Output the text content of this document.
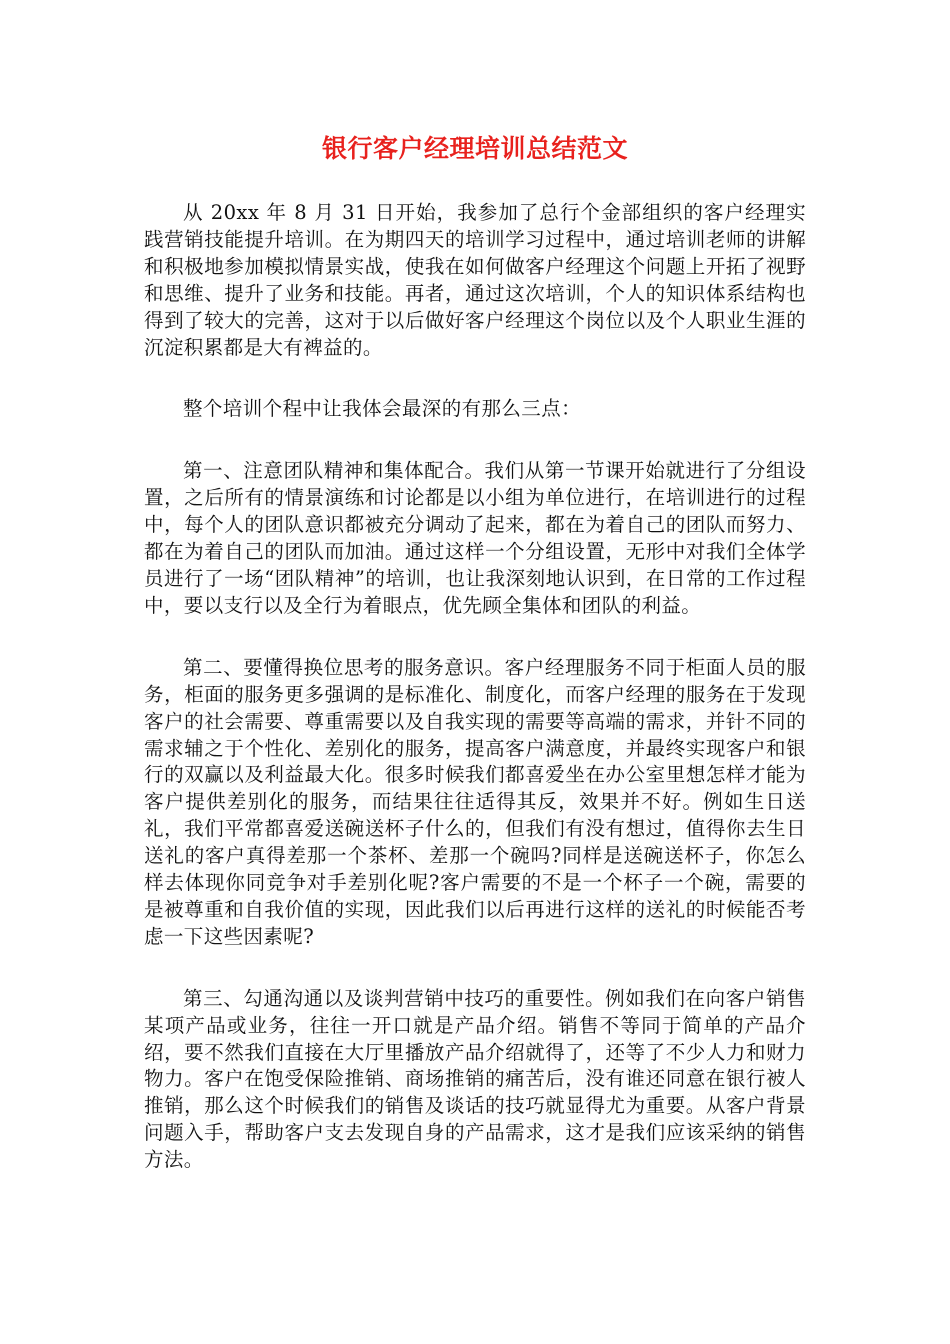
银行客户经理培训总结范文

从 20xx 年 8 月 31 日开始，我参加了总行个金部组织的客户经理实践营销技能提升培训。在为期四天的培训学习过程中，通过培训老师的讲解和积极地参加模拟情景实战，使我在如何做客户经理这个问题上开拓了视野和思维、提升了业务和技能。再者，通过这次培训，个人的知识体系结构也得到了较大的完善，这对于以后做好客户经理这个岗位以及个人职业生涯的沉淀积累都是大有裨益的。

整个培训个程中让我体会最深的有那么三点：

第一、注意团队精神和集体配合。我们从第一节课开始就进行了分组设置，之后所有的情景演练和讨论都是以小组为单位进行，在培训进行的过程中，每个人的团队意识都被充分调动了起来，都在为着自己的团队而努力、都在为着自己的团队而加油。通过这样一个分组设置，无形中对我们全体学员进行了一场“团队精神”的培训，也让我深刻地认识到，在日常的工作过程中，要以支行以及全行为着眼点，优先顾全集体和团队的利益。

第二、要懂得换位思考的服务意识。客户经理服务不同于柜面人员的服务，柜面的服务更多强调的是标准化、制度化，而客户经理的服务在于发现客户的社会需要、尊重需要以及自我实现的需要等高端的需求，并针不同的需求辅之于个性化、差别化的服务，提高客户满意度，并最终实现客户和银行的双赢以及利益最大化。很多时候我们都喜爱坐在办公室里想怎样才能为客户提供差别化的服务，而结果往往适得其反，效果并不好。例如生日送礼，我们平常都喜爱送碗送杯子什么的，但我们有没有想过，值得你去生日送礼的客户真得差那一个茶杯、差那一个碗吗?同样是送碗送杯子，你怎么样去体现你同竞争对手差别化呢?客户需要的不是一个杯子一个碗，需要的是被尊重和自我价值的实现，因此我们以后再进行这样的送礼的时候能否考虑一下这些因素呢?

第三、勾通沟通以及谈判营销中技巧的重要性。例如我们在向客户销售某项产品或业务，往往一开口就是产品介绍。销售不等同于简单的产品介绍，要不然我们直接在大厅里播放产品介绍就得了，还等了不少人力和财力物力。客户在饱受保险推销、商场推销的痛苦后，没有谁还同意在银行被人推销，那么这个时候我们的销售及谈话的技巧就显得尤为重要。从客户背景问题入手，帮助客户支去发现自身的产品需求，这才是我们应该采纳的销售方法。
